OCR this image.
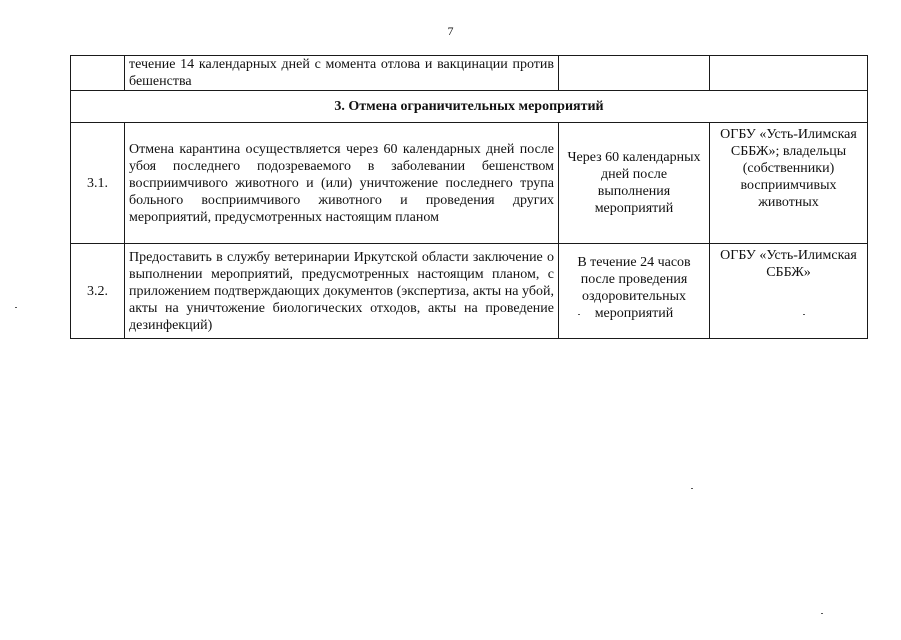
7
	течение 14 календарных дней с момента отлова и вакцинации против бешенства		
3. Отмена ограничительных мероприятий			
3.1.	Отмена карантина осуществляется через 60 календарных дней после убоя последнего подозреваемого в заболевании бешенством восприимчивого животного и (или) уничтожение последнего трупа больного восприимчивого животного и проведения других мероприятий, предусмотренных настоящим планом	Через 60 календарных дней после выполнения мероприятий	ОГБУ «Усть-Илимская СББЖ»; владельцы (собственники) восприимчивых животных
3.2.	Предоставить в службу ветеринарии Иркутской области заключение о выполнении мероприятий, предусмотренных настоящим планом, с приложением подтверждающих документов (экспертиза, акты на убой, акты на уничтожение биологических отходов, акты на проведение дезинфекций)	В течение 24 часов после проведения оздоровительных мероприятий	ОГБУ «Усть-Илимская СББЖ»
